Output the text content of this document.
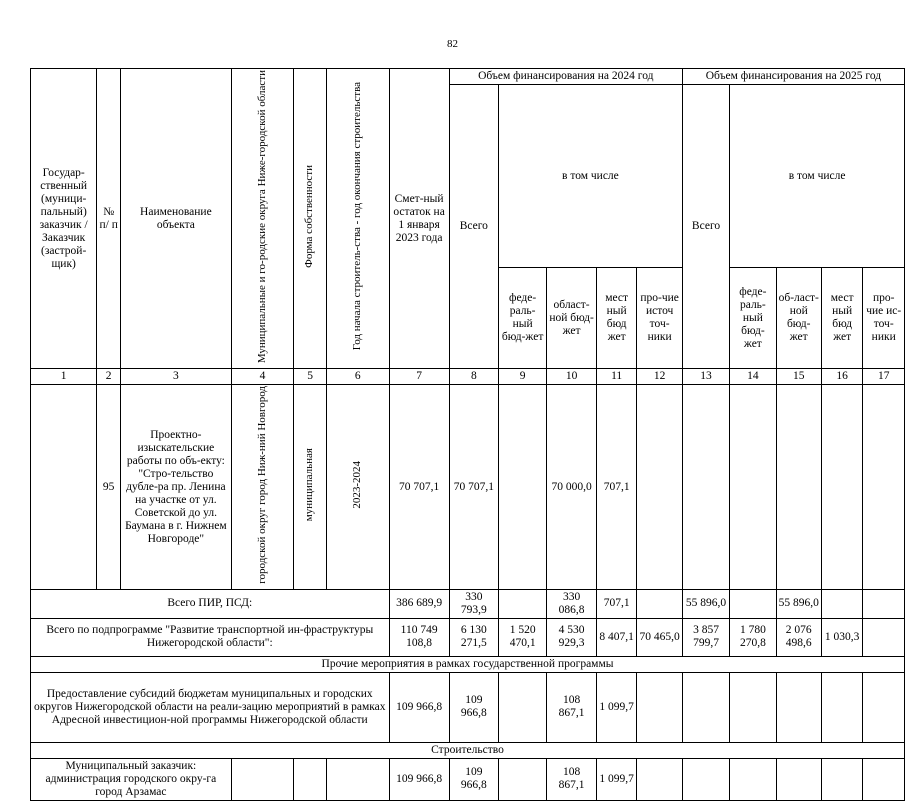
82
Государ-ственный (муници-пальный) заказчик / Заказчик (застрой-щик)	№ п/ п	Наименование объекта	Муниципальные и го-родские округа Ниже-городской области	Форма собственности	Год начала строитель-ства - год окончания строительства	Смет-ный остаток на 1 января 2023 года	Объем финансирования на 2024 год					Объем финансирования на 2025 год				
							Всего	в том числе				Всего	в том числе			
								феде-раль-ный бюд-жет	област-ной бюд-жет	мест ный бюд жет	про-чие источ точ-ники		феде-раль-ный бюд-жет	об-ласт-ной бюд-жет	мест ный бюд жет	про-чие ис-точ-ники
1	2	3	4	5	6	7	8	9	10	11	12	13	14	15	16	17
	95	Проектно-изыскательские работы по объ-екту: "Стро-тельство дубле-ра пр. Ленина на участке от ул. Советской до ул. Баумана в г. Нижнем Новгороде"	городской округ город Ниж-ний Новгород	муниципальная	2023-2024	70 707,1	70 707,1		70 000,0	707,1						
Всего ПИР, ПСД:						386 689,9	330 793,9		330 086,8	707,1		55 896,0		55 896,0		
Всего по подпрограмме "Развитие транспортной ин-фраструктуры Нижегородской области":						110 749 108,8	6 130 271,5	1 520 470,1	4 530 929,3	8 407,1	70 465,0	3 857 799,7	1 780 270,8	2 076 498,6	1 030,3	
Прочие мероприятия в рамках государственной программы																
Предоставление субсидий бюджетам муниципальных и городских округов Нижегородской области на реали-зацию мероприятий в рамках Адресной инвестицион-ной программы Нижегородской области						109 966,8	109 966,8		108 867,1	1 099,7						
Строительство																
Муниципальный заказчик: администрация городского окру-га город Арзамас						109 966,8	109 966,8		108 867,1	1 099,7						
